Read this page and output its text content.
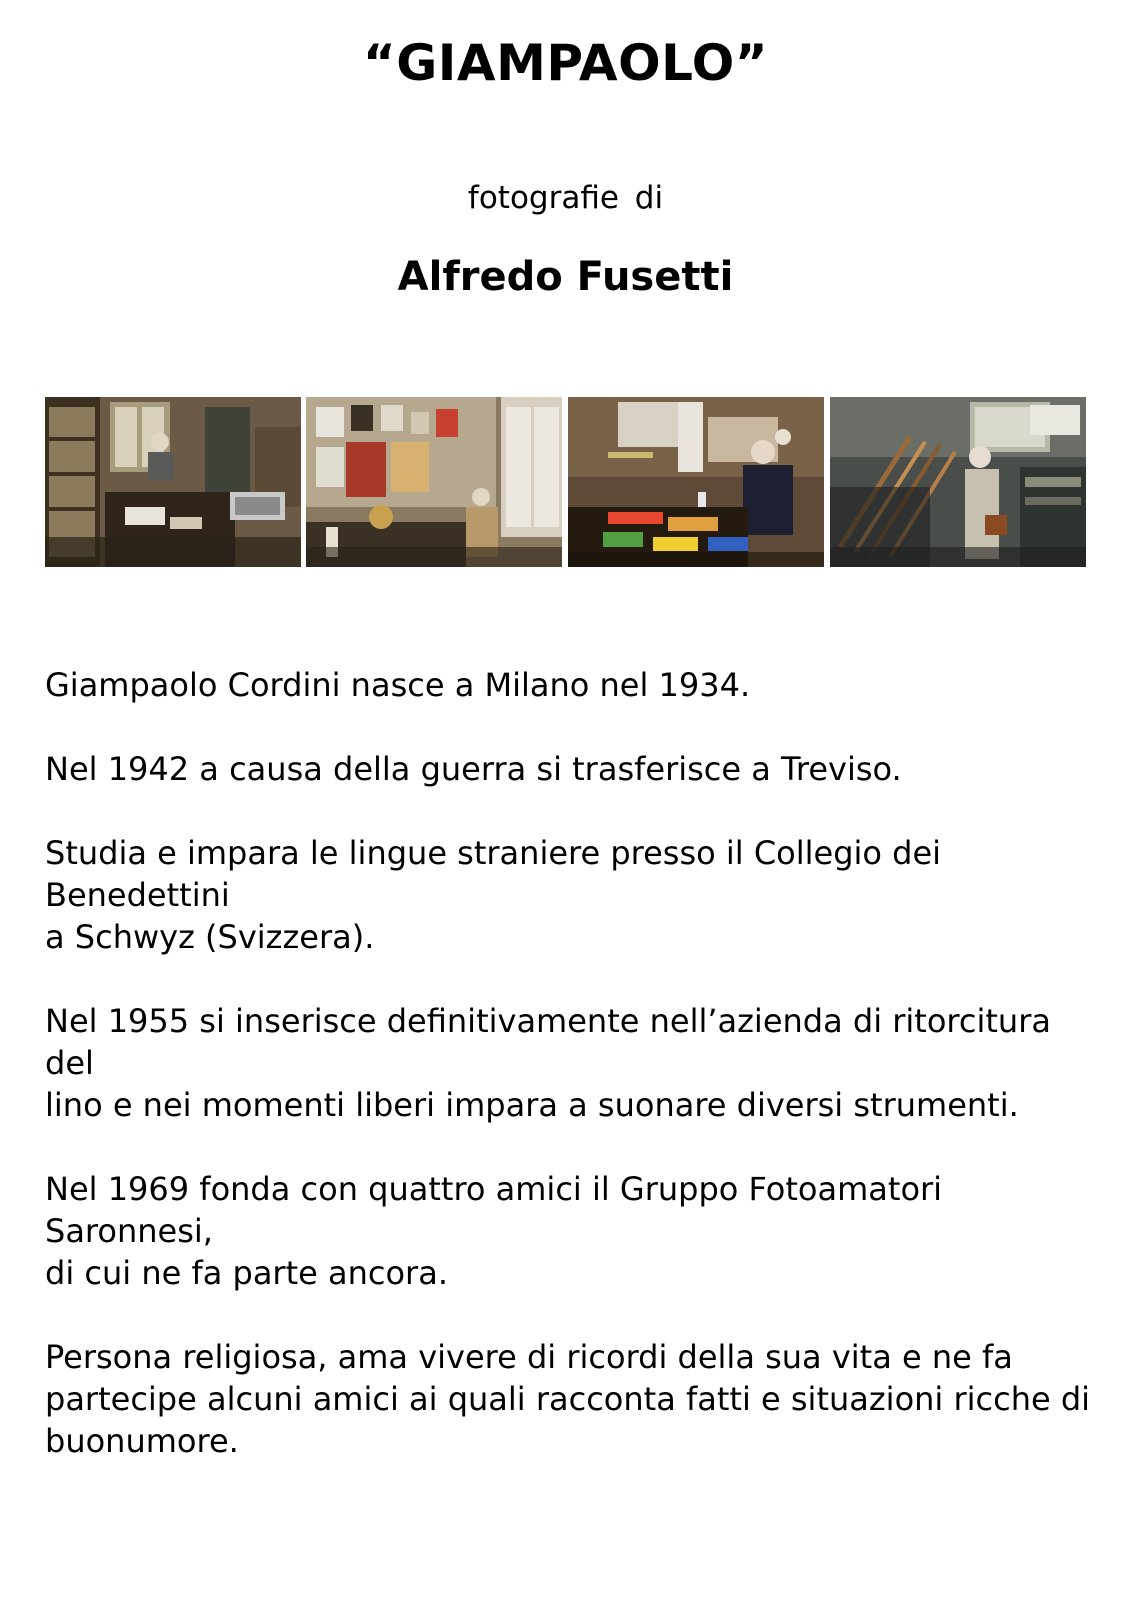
“GIAMPAOLO”
fotografie di
Alfredo Fusetti

Giampaolo Cordini nasce a Milano nel 1934.

Nel 1942 a causa della guerra si trasferisce a Treviso.

Studia e impara le lingue straniere presso il Collegio dei Benedettini
a Schwyz (Svizzera).

Nel 1955 si inserisce definitivamente nell’azienda di ritorcitura del
lino e nei momenti liberi impara a suonare diversi strumenti.

Nel 1969 fonda con quattro amici il Gruppo Fotoamatori Saronnesi,
di cui ne fa parte ancora.

Persona religiosa, ama vivere di ricordi della sua vita e ne fa
partecipe alcuni amici ai quali racconta fatti e situazioni ricche di
buonumore.
